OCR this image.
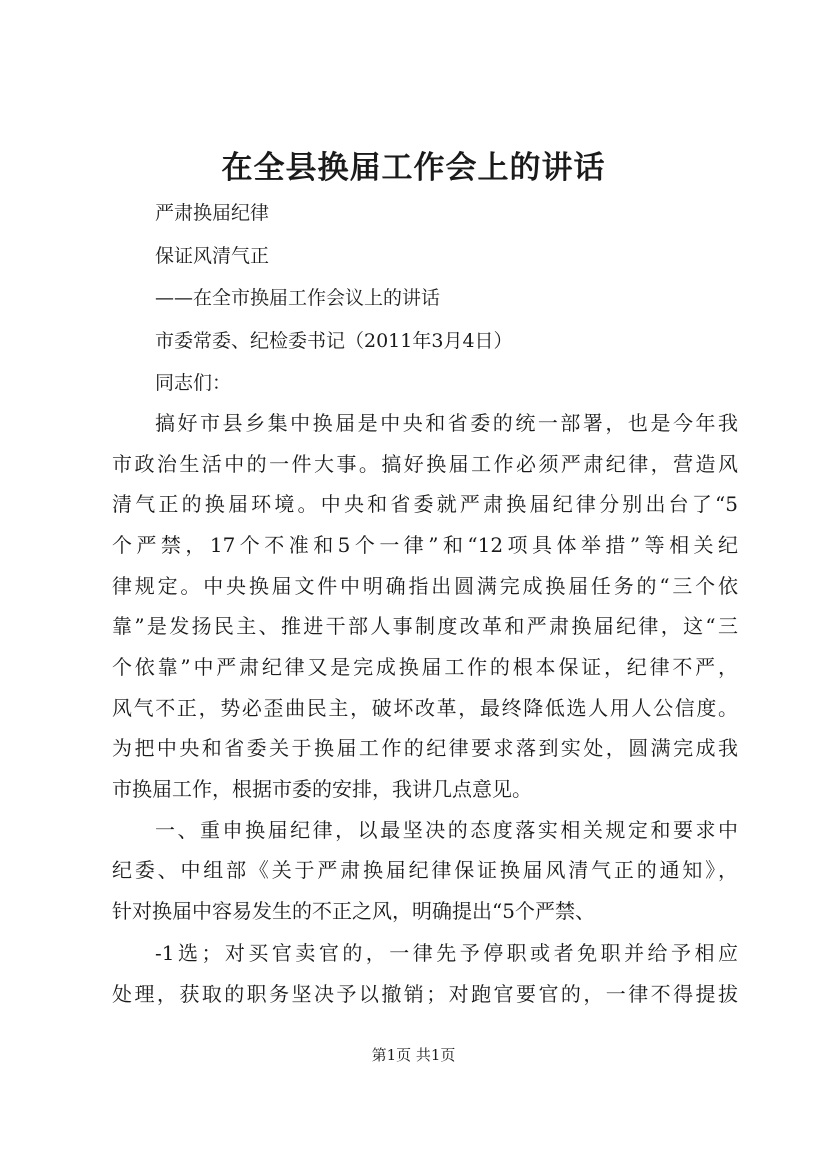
在全县换届工作会上的讲话
严肃换届纪律
保证风清气正
——在全市换届工作会议上的讲话
市委常委、纪检委书记（2011年3月4日）
同志们：
搞好市县乡集中换届是中央和省委的统一部署，也是今年我
市政治生活中的一件大事。搞好换届工作必须严肃纪律，营造风
清气正的换届环境。中央和省委就严肃换届纪律分别出台了“5
个严禁，17个不准和5个一律”和“12项具体举措”等相关纪
律规定。中央换届文件中明确指出圆满完成换届任务的“三个依
靠”是发扬民主、推进干部人事制度改革和严肃换届纪律，这“三
个依靠”中严肃纪律又是完成换届工作的根本保证，纪律不严，
风气不正，势必歪曲民主，破坏改革，最终降低选人用人公信度。
为把中央和省委关于换届工作的纪律要求落到实处，圆满完成我
市换届工作，根据市委的安排，我讲几点意见。
一、重申换届纪律，以最坚决的态度落实相关规定和要求中
纪委、中组部《关于严肃换届纪律保证换届风清气正的通知》，
针对换届中容易发生的不正之风，明确提出“5个严禁、
-1选；对买官卖官的，一律先予停职或者免职并给予相应
处理，获取的职务坚决予以撤销；对跑官要官的，一律不得提拔
第1页 共1页
